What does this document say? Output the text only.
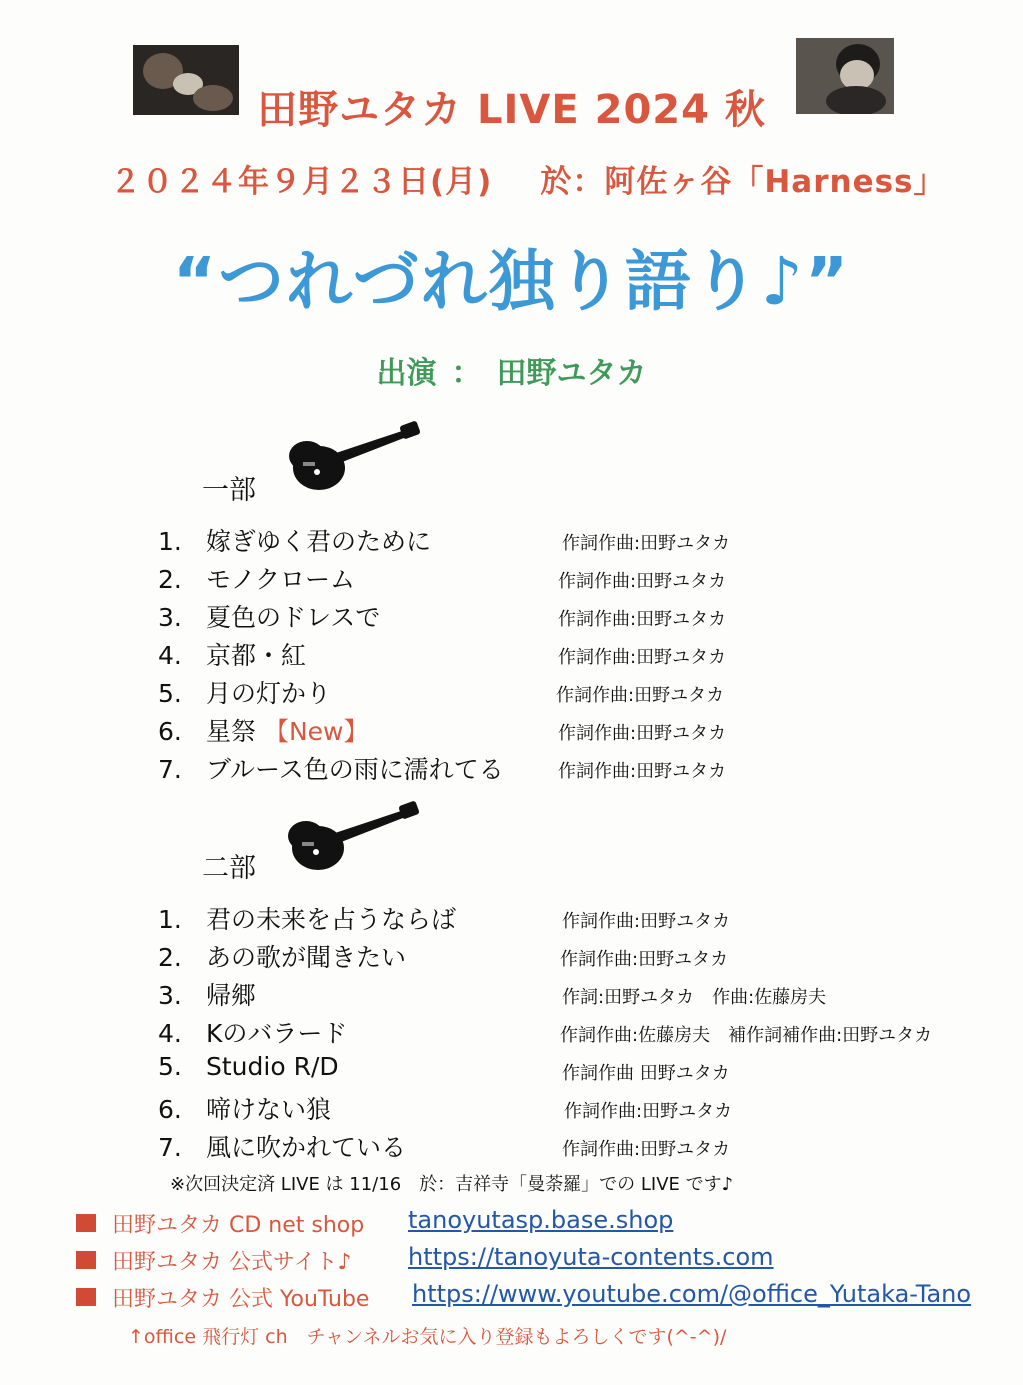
田野ユタカ LIVE 2024 秋
２０２４年９月２３日(月) 於：阿佐ヶ谷「Harness」
“つれづれ独り語り♪”
出演 ： 田野ユタカ
一部
二部
1. 嫁ぎゆく君のために	作詞作曲:田野ユタカ
2. モノクローム	作詞作曲:田野ユタカ
3. 夏色のドレスで	作詞作曲:田野ユタカ
4. 京都・紅	作詞作曲:田野ユタカ
5. 月の灯かり	作詞作曲:田野ユタカ
6. 星祭 【New】	作詞作曲:田野ユタカ
7. ブルース色の雨に濡れてる	作詞作曲:田野ユタカ
1. 君の未来を占うならば	作詞作曲:田野ユタカ
2. あの歌が聞きたい	作詞作曲:田野ユタカ
3. 帰郷	作詞:田野ユタカ　作曲:佐藤房夫
4. Kのバラード	作詞作曲:佐藤房夫　補作詞補作曲:田野ユタカ
5. Studio R/D	作詞作曲 田野ユタカ
6. 啼けない狼	作詞作曲:田野ユタカ
7. 風に吹かれている	作詞作曲:田野ユタカ
※次回決定済 LIVE は 11/16　於：吉祥寺「曼荼羅」での LIVE です♪
田野ユタカ CD net shop tanoyutasp.base.shop
田野ユタカ 公式サイト♪ https://tanoyuta-contents.com
田野ユタカ 公式 YouTube https://www.youtube.com/@office_Yutaka-Tano
↑office 飛行灯 ch　チャンネルお気に入り登録もよろしくです(^-^)/
